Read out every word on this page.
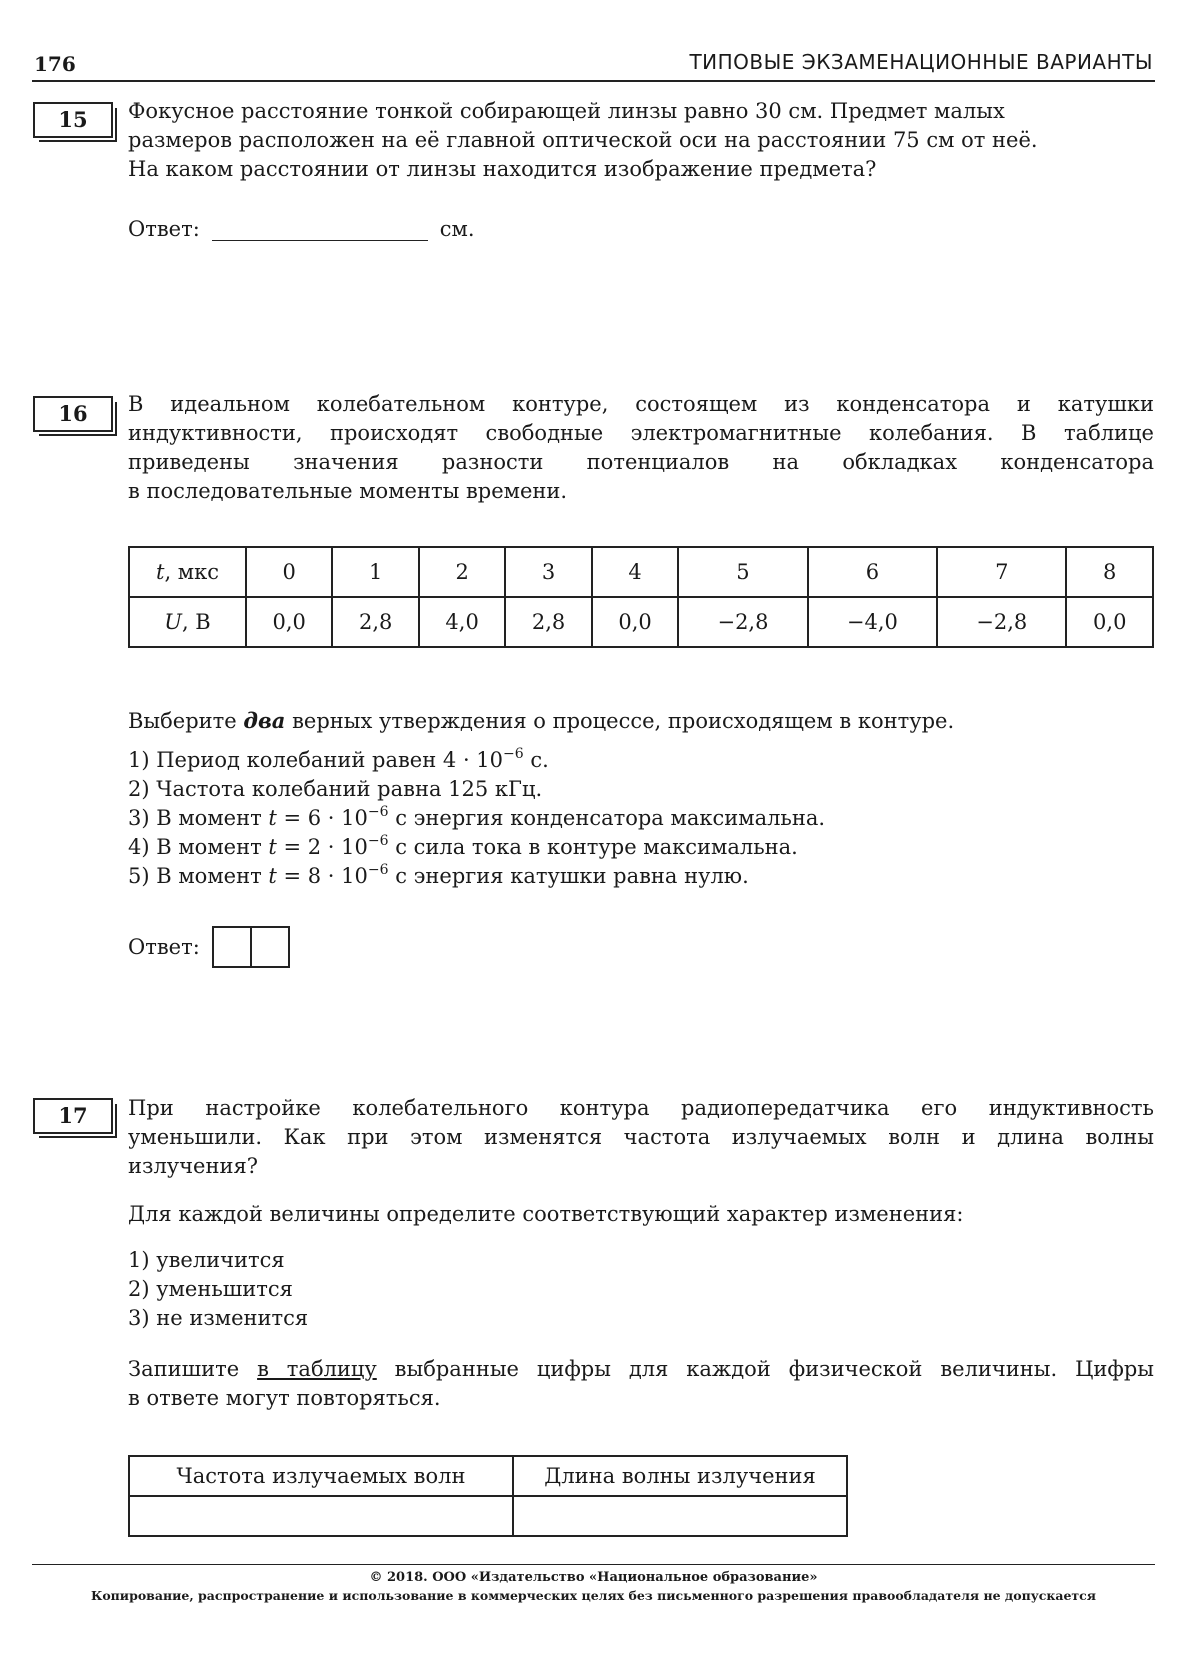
176	ТИПОВЫЕ ЭКЗАМЕНАЦИОННЫЕ ВАРИАНТЫ
15	Фокусное расстояние тонкой собирающей линзы равно 30 см. Предмет малых
размеров расположен на её главной оптической оси на расстоянии 75 см от неё.
На каком расстоянии от линзы находится изображение предмета?
Ответ:	см.
16	В идеальном колебательном контуре, состоящем из конденсатора и катушки
индуктивности, происходят свободные электромагнитные колебания. В таблице
приведены значения разности потенциалов на обкладках конденсатора
в последовательные моменты времени.
t, мкс	0	1	2	3	4	5	6	7	8
U, В	0,0	2,8	4,0	2,8	0,0	−2,8	−4,0	−2,8	0,0
Выберите два верных утверждения о процессе, происходящем в контуре.
1) Период колебаний равен $4 \cdot 10^{-6}$ с.
2) Частота колебаний равна 125 кГц.
3) В момент $t = 6 \cdot 10^{-6}$ с энергия конденсатора максимальна.
4) В момент $t = 2 \cdot 10^{-6}$ с сила тока в контуре максимальна.
5) В момент $t = 8 \cdot 10^{-6}$ с энергия катушки равна нулю.
Ответ:
17	При настройке колебательного контура радиопередатчика его индуктивность
уменьшили. Как при этом изменятся частота излучаемых волн и длина волны
излучения?
Для каждой величины определите соответствующий характер изменения:
1) увеличится
2) уменьшится
3) не изменится
Запишите в таблицу выбранные цифры для каждой физической величины. Цифры
в ответе могут повторяться.
Частота излучаемых волн	Длина волны излучения

© 2018. ООО «Издательство «Национальное образование»
Копирование, распространение и использование в коммерческих целях без письменного разрешения правообладателя не допускается
